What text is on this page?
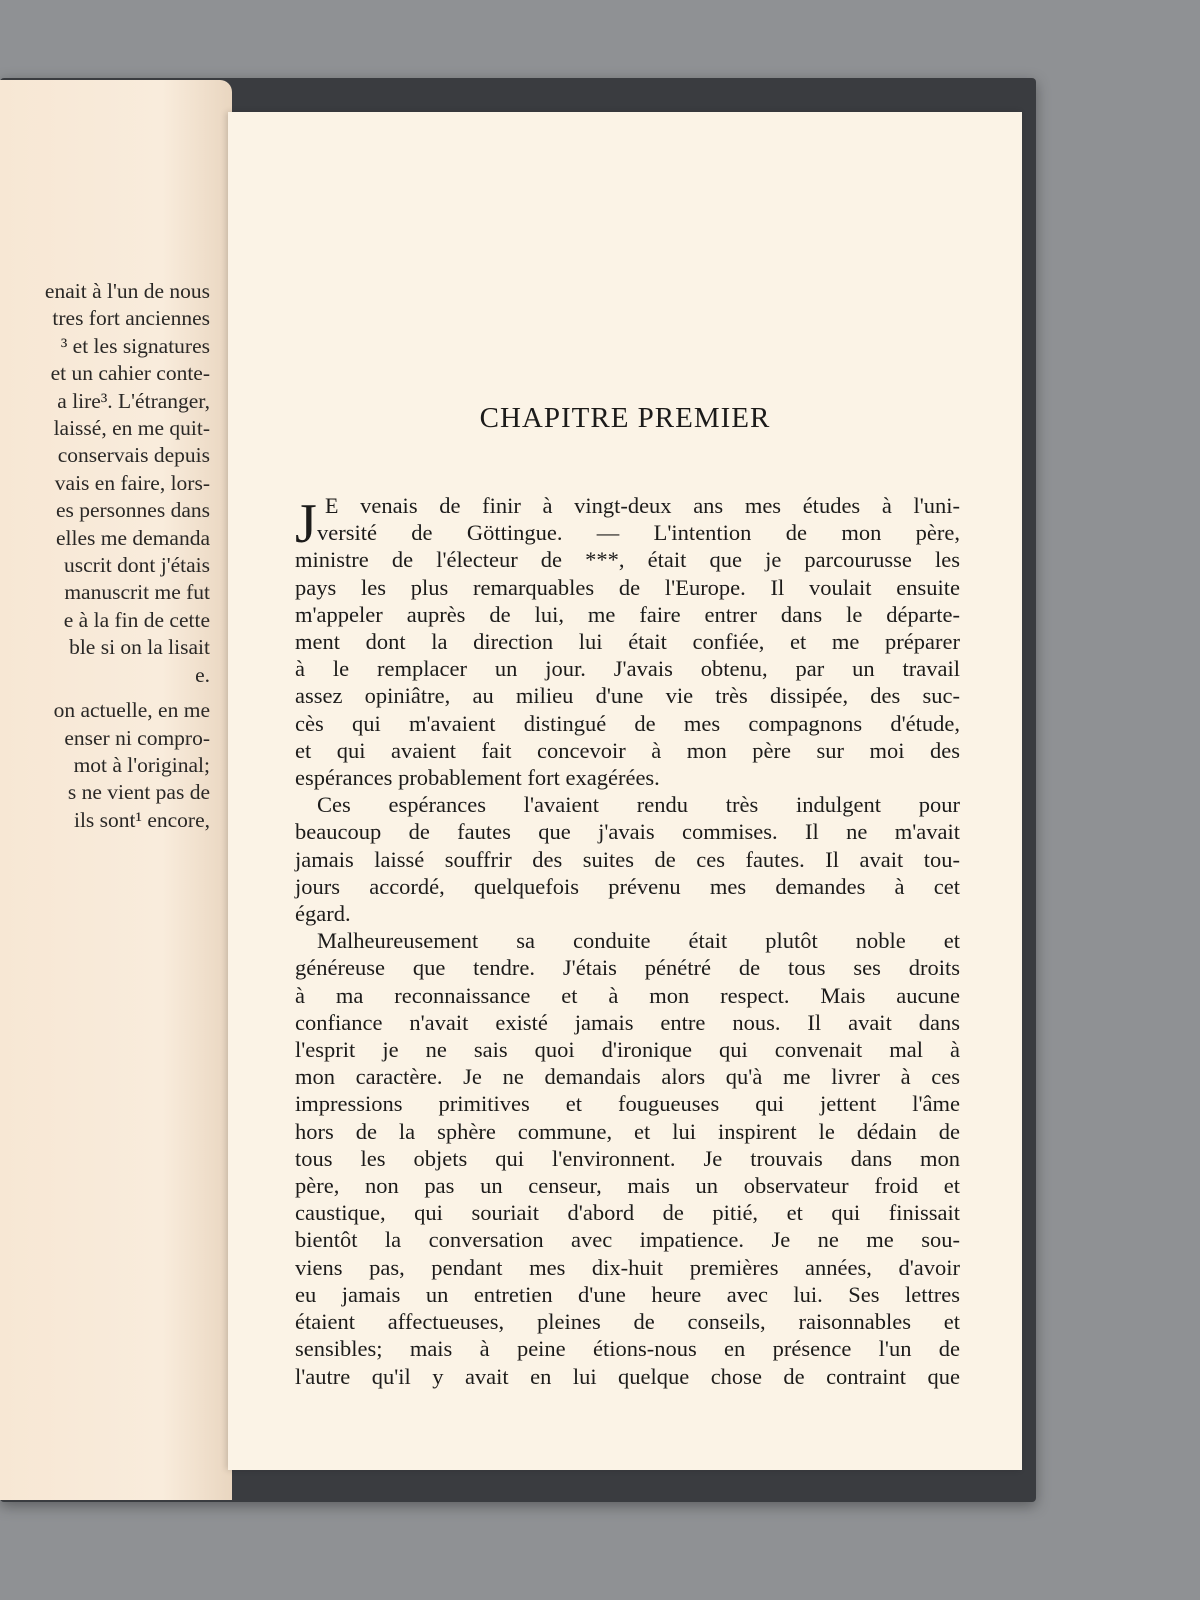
enait à l'un de nous
tres fort anciennes
³ et les signatures
et un cahier conte-
a lire³. L'étranger,
laissé, en me quit-
conservais depuis
vais en faire, lors-
es personnes dans
elles me demanda
uscrit dont j'étais
manuscrit me fut
e à la fin de cette
ble si on la lisait
e.
on actuelle, en me
enser ni compro-
mot à l'original;
s ne vient pas de
ils sont¹ encore,
CHAPITRE PREMIER
J E venais de finir à vingt-deux ans mes études à l'uni-
versité de Göttingue. — L'intention de mon père,
ministre de l'électeur de ***, était que je parcourusse les
pays les plus remarquables de l'Europe. Il voulait ensuite
m'appeler auprès de lui, me faire entrer dans le départe-
ment dont la direction lui était confiée, et me préparer
à le remplacer un jour. J'avais obtenu, par un travail
assez opiniâtre, au milieu d'une vie très dissipée, des suc-
cès qui m'avaient distingué de mes compagnons d'étude,
et qui avaient fait concevoir à mon père sur moi des
espérances probablement fort exagérées.
Ces espérances l'avaient rendu très indulgent pour
beaucoup de fautes que j'avais commises. Il ne m'avait
jamais laissé souffrir des suites de ces fautes. Il avait tou-
jours accordé, quelquefois prévenu mes demandes à cet
égard.
Malheureusement sa conduite était plutôt noble et
généreuse que tendre. J'étais pénétré de tous ses droits
à ma reconnaissance et à mon respect. Mais aucune
confiance n'avait existé jamais entre nous. Il avait dans
l'esprit je ne sais quoi d'ironique qui convenait mal à
mon caractère. Je ne demandais alors qu'à me livrer à ces
impressions primitives et fougueuses qui jettent l'âme
hors de la sphère commune, et lui inspirent le dédain de
tous les objets qui l'environnent. Je trouvais dans mon
père, non pas un censeur, mais un observateur froid et
caustique, qui souriait d'abord de pitié, et qui finissait
bientôt la conversation avec impatience. Je ne me sou-
viens pas, pendant mes dix-huit premières années, d'avoir
eu jamais un entretien d'une heure avec lui. Ses lettres
étaient affectueuses, pleines de conseils, raisonnables et
sensibles; mais à peine étions-nous en présence l'un de
l'autre qu'il y avait en lui quelque chose de contraint que
